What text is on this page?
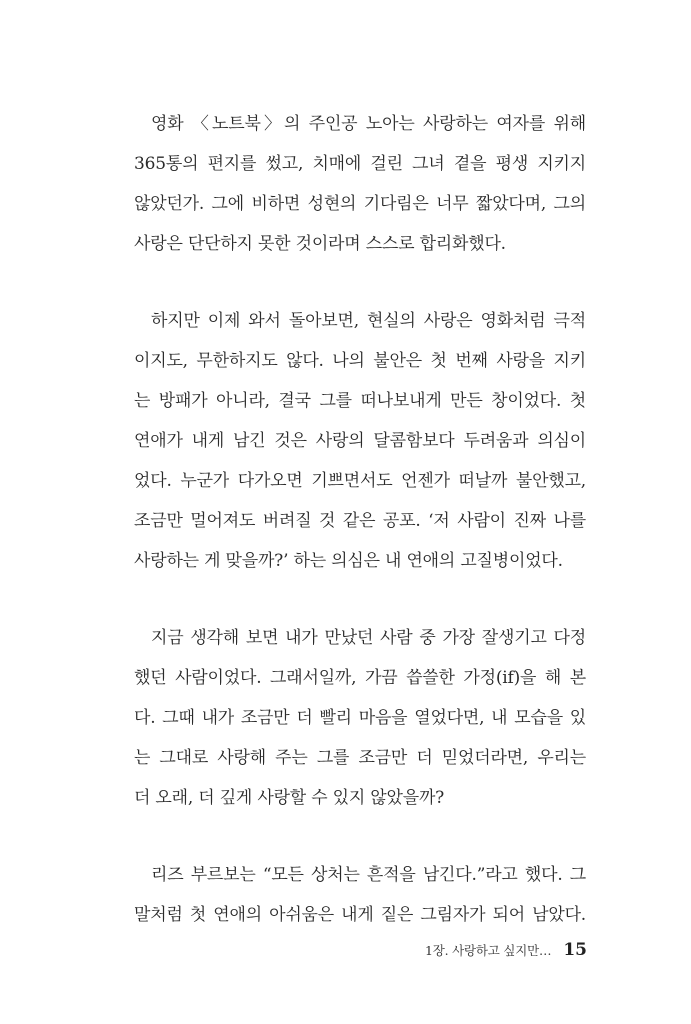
영화 〈노트북〉의 주인공 노아는 사랑하는 여자를 위해
365통의 편지를 썼고, 치매에 걸린 그녀 곁을 평생 지키지
않았던가. 그에 비하면 성현의 기다림은 너무 짧았다며, 그의
사랑은 단단하지 못한 것이라며 스스로 합리화했다.

하지만 이제 와서 돌아보면, 현실의 사랑은 영화처럼 극적
이지도, 무한하지도 않다. 나의 불안은 첫 번째 사랑을 지키
는 방패가 아니라, 결국 그를 떠나보내게 만든 창이었다. 첫
연애가 내게 남긴 것은 사랑의 달콤함보다 두려움과 의심이
었다. 누군가 다가오면 기쁘면서도 언젠가 떠날까 불안했고,
조금만 멀어져도 버려질 것 같은 공포. ‘저 사람이 진짜 나를
사랑하는 게 맞을까?’ 하는 의심은 내 연애의 고질병이었다.

지금 생각해 보면 내가 만났던 사람 중 가장 잘생기고 다정
했던 사람이었다. 그래서일까, 가끔 씁쓸한 가정(if)을 해 본
다. 그때 내가 조금만 더 빨리 마음을 열었다면, 내 모습을 있
는 그대로 사랑해 주는 그를 조금만 더 믿었더라면, 우리는
더 오래, 더 깊게 사랑할 수 있지 않았을까?

리즈 부르보는 “모든 상처는 흔적을 남긴다.”라고 했다. 그
말처럼 첫 연애의 아쉬움은 내게 짙은 그림자가 되어 남았다.

1장. 사랑하고 싶지만… 15
